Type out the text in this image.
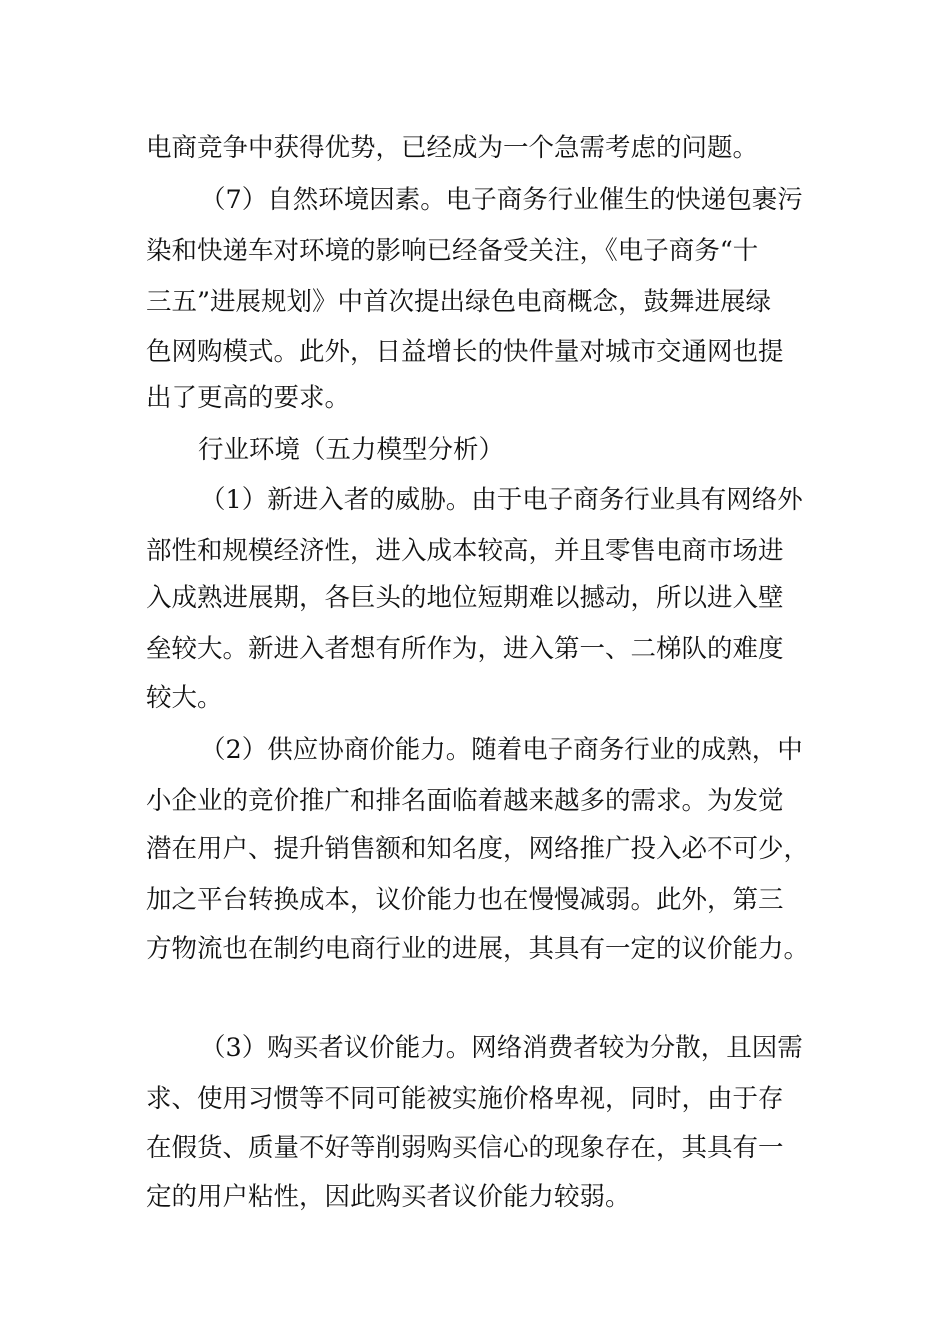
电商竞争中获得优势，已经成为一个急需考虑的问题。
（7）自然环境因素。电子商务行业催生的快递包裹污
染和快递车对环境的影响已经备受关注，《电子商务“十
三五”进展规划》中首次提出绿色电商概念，鼓舞进展绿
色网购模式。此外，日益增长的快件量对城市交通网也提
出了更高的要求。
行业环境（五力模型分析）
（1）新进入者的威胁。由于电子商务行业具有网络外
部性和规模经济性，进入成本较高，并且零售电商市场进
入成熟进展期，各巨头的地位短期难以撼动，所以进入壁
垒较大。新进入者想有所作为，进入第一、二梯队的难度
较大。
（2）供应协商价能力。随着电子商务行业的成熟，中
小企业的竞价推广和排名面临着越来越多的需求。为发觉
潜在用户、提升销售额和知名度，网络推广投入必不可少，
加之平台转换成本，议价能力也在慢慢减弱。此外，第三
方物流也在制约电商行业的进展，其具有一定的议价能力。
（3）购买者议价能力。网络消费者较为分散，且因需
求、使用习惯等不同可能被实施价格卑视，同时，由于存
在假货、质量不好等削弱购买信心的现象存在，其具有一
定的用户粘性，因此购买者议价能力较弱。
